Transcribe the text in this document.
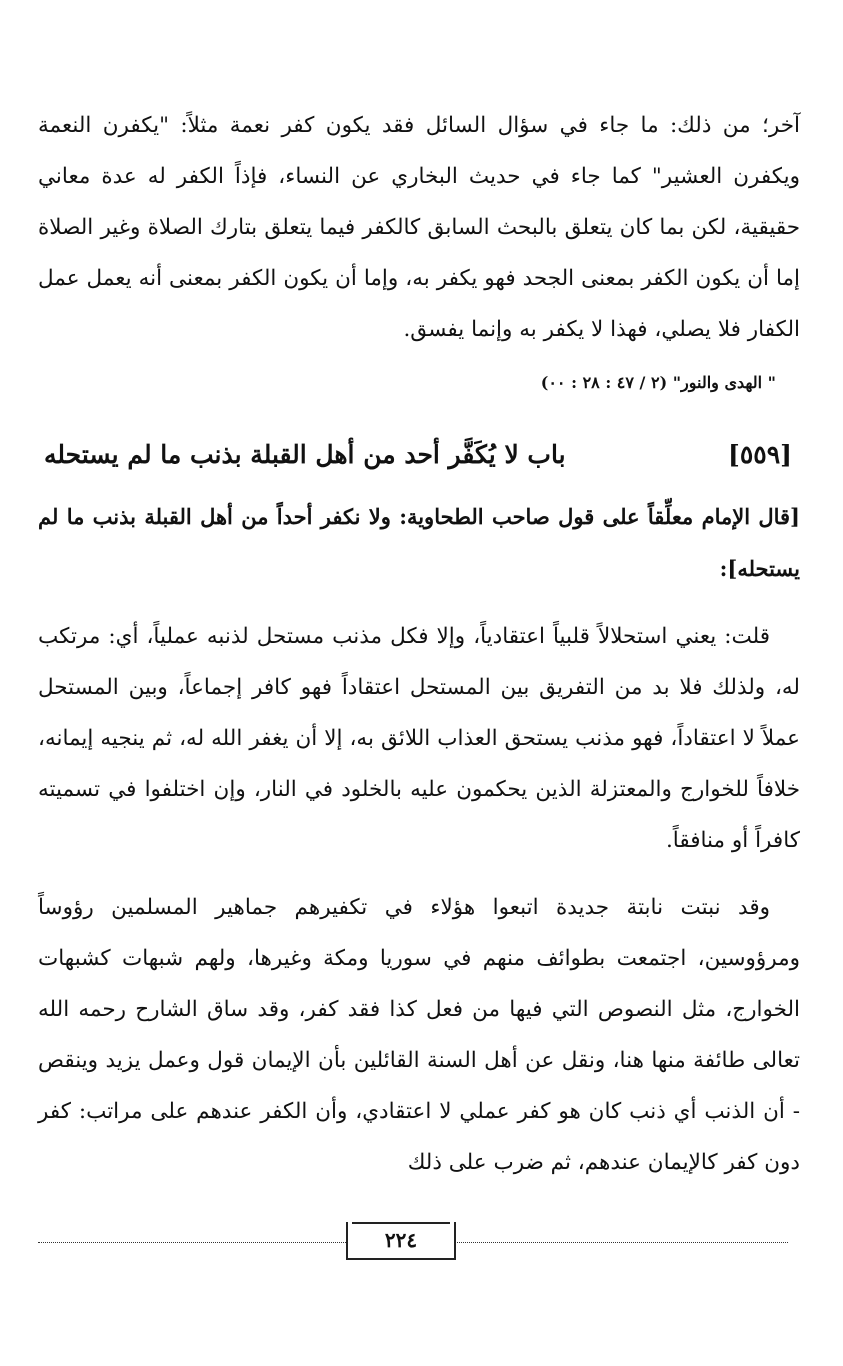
آخر؛ من ذلك: ما جاء في سؤال السائل فقد يكون كفر نعمة مثلاً: "يكفرن النعمة ويكفرن العشير" كما جاء في حديث البخاري عن النساء، فإذاً الكفر له عدة معاني حقيقية، لكن بما كان يتعلق بالبحث السابق كالكفر فيما يتعلق بتارك الصلاة وغير الصلاة إما أن يكون الكفر بمعنى الجحد فهو يكفر به، وإما أن يكون الكفر بمعنى أنه يعمل عمل الكفار فلا يصلي، فهذا لا يكفر به وإنما يفسق.

" الهدى والنور" (٢ / ٤٧ : ٢٨ : ٠٠)
[٥٥٩]
باب لا يُكَفَّر أحد من أهل القبلة بذنب ما لم يستحله

[قال الإمام معلِّقاً على قول صاحب الطحاوية: ولا نكفر أحداً من أهل القبلة بذنب ما لم يستحله]:

قلت: يعني استحلالاً قلبياً اعتقادياً، وإلا فكل مذنب مستحل لذنبه عملياً، أي: مرتكب له، ولذلك فلا بد من التفريق بين المستحل اعتقاداً فهو كافر إجماعاً، وبين المستحل عملاً لا اعتقاداً، فهو مذنب يستحق العذاب اللائق به، إلا أن يغفر الله له، ثم ينجيه إيمانه، خلافاً للخوارج والمعتزلة الذين يحكمون عليه بالخلود في النار، وإن اختلفوا في تسميته كافراً أو منافقاً.

وقد نبتت نابتة جديدة اتبعوا هؤلاء في تكفيرهم جماهير المسلمين رؤوساً ومرؤوسين، اجتمعت بطوائف منهم في سوريا ومكة وغيرها، ولهم شبهات كشبهات الخوارج، مثل النصوص التي فيها من فعل كذا فقد كفر، وقد ساق الشارح رحمه الله تعالى طائفة منها هنا، ونقل عن أهل السنة القائلين بأن الإيمان قول وعمل يزيد وينقص - أن الذنب أي ذنب كان هو كفر عملي لا اعتقادي، وأن الكفر عندهم على مراتب: كفر دون كفر كالإيمان عندهم، ثم ضرب على ذلك

٢٢٤
